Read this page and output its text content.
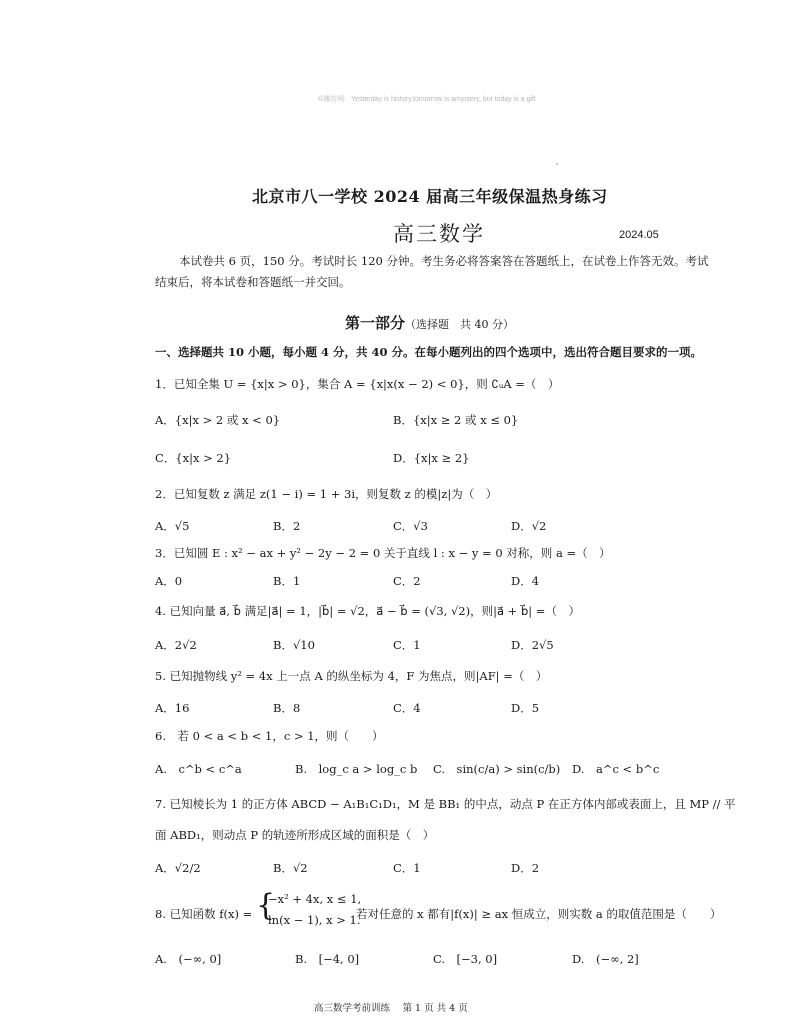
©潍坊网：Yesterday is history,tomorrow is amystery, but today is a gift
北京市八一学校 2024 届高三年级保温热身练习
高三数学	2024.05
本试卷共 6 页，150 分。考试时长 120 分钟。考生务必将答案答在答题纸上，在试卷上作答无效。考试结束后，将本试卷和答题纸一并交回。
第一部分（选择题　共 40 分）
一、选择题共 10 小题，每小题 4 分，共 40 分。在每小题列出的四个选项中，选出符合题目要求的一项。
1．已知全集 U = {x|x > 0}，集合 A = {x|x(x − 2) < 0}，则 ∁ᵤA =（　）
A．{x|x > 2 或 x < 0}	B．{x|x ≥ 2 或 x ≤ 0}
C．{x|x > 2}	D．{x|x ≥ 2}
2．已知复数 z 满足 z(1 − i) = 1 + 3i，则复数 z 的模|z|为（　）
A．√5	B．2	C．√3	D．√2
3．已知圆 E : x² − ax + y² − 2y − 2 = 0 关于直线 l : x − y = 0 对称，则 a =（　）
A．0	B．1	C．2	D．4
4. 已知向量 a⃗, b⃗ 满足|a⃗| = 1，|b⃗| = √2，a⃗ − b⃗ = (√3, √2)，则|a⃗ + b⃗| =（　）
A．2√2	B．√10	C．1	D．2√5
5. 已知抛物线 y² = 4x 上一点 A 的纵坐标为 4，F 为焦点，则|AF| =（　）
A．16	B．8	C．4	D．5
6.　若 0 < a < b < 1，c > 1，则（　　）
A.　c^b < c^a	B.　log_c a > log_c b C.　sin(c/a) > sin(c/b) D.　a^c < b^c
7. 已知棱长为 1 的正方体 ABCD − A₁B₁C₁D₁，M 是 BB₁ 的中点，动点 P 在正方体内部或表面上，且 MP // 平
面 ABD₁，则动点 P 的轨迹所形成区域的面积是（　）
A．√2/2	B．√2	C．1	D．2
8. 已知函数 f(x) = {
−x² + 4x, x ≤ 1,
ln(x − 1), x > 1.
若对任意的 x 都有|f(x)| ≥ ax 恒成立，则实数 a 的取值范围是（　　）
A.　(−∞, 0]	B.　[−4, 0]	C.　[−3, 0]	D.　(−∞, 2]
高三数学考前训练　 第 1 页 共 4 页
